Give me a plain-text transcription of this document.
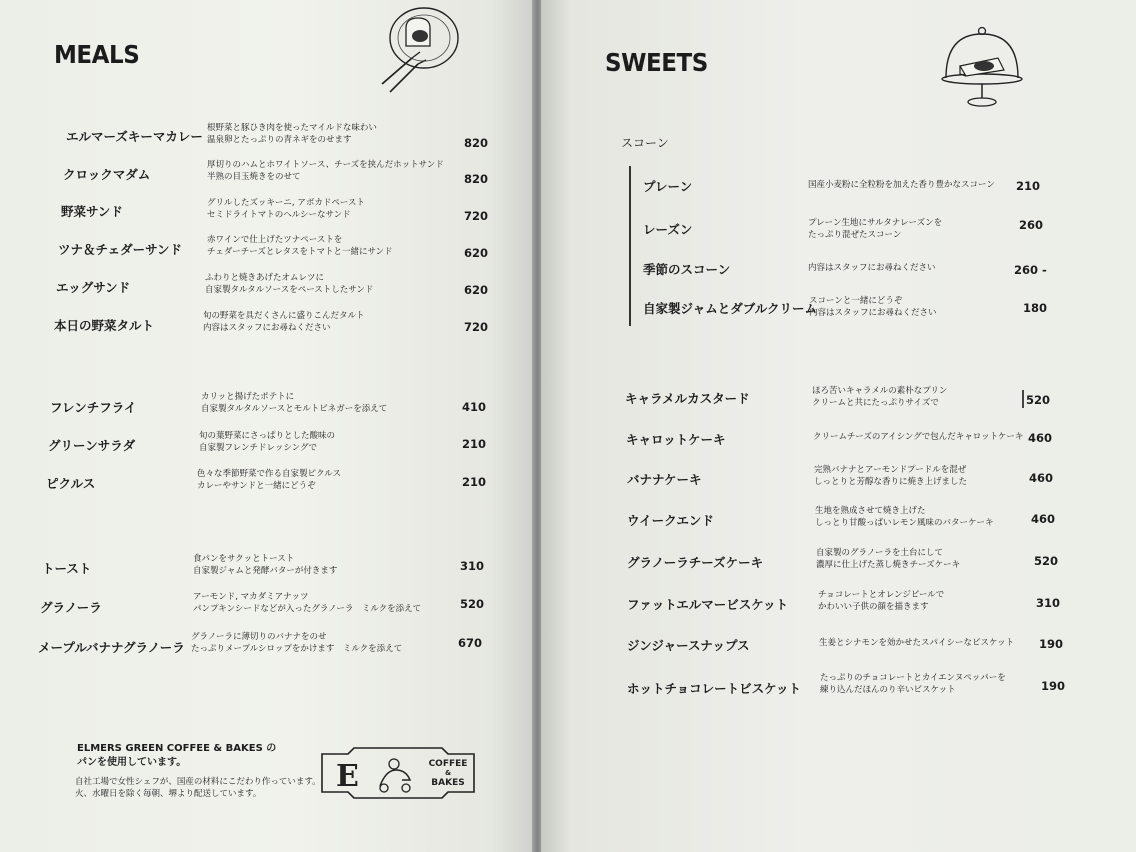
MEALS
エルマーズキーマカレー
根野菜と豚ひき肉を使ったマイルドな味わい
温泉卵とたっぷりの青ネギをのせます	820
クロックマダム
厚切りのハムとホワイトソース、チーズを挟んだホットサンド
半熟の目玉焼きをのせて	820
野菜サンド
グリルしたズッキーニ, アボカドペースト
セミドライトマトのヘルシーなサンド	720
ツナ＆チェダーサンド
赤ワインで仕上げたツナペーストを
チェダーチーズとレタスをトマトと一緒にサンド	620
エッグサンド
ふわりと焼きあげたオムレツに
自家製タルタルソースをペーストしたサンド	620
本日の野菜タルト
旬の野菜を具だくさんに盛りこんだタルト
内容はスタッフにお尋ねください	720
フレンチフライ
カリッと揚げたポテトに
自家製タルタルソースとモルトビネガーを添えて	410
グリーンサラダ
旬の葉野菜にさっぱりとした酸味の
自家製フレンチドレッシングで	210
ピクルス
色々な季節野菜で作る自家製ピクルス
カレーやサンドと一緒にどうぞ	210
トースト
食パンをサクッとトースト
自家製ジャムと発酵バターが付きます	310
グラノーラ
アーモンド, マカダミアナッツ
パンプキンシードなどが入ったグラノーラ　ミルクを添えて	520
メープルバナナグラノーラ
グラノーラに薄切りのバナナをのせ
たっぷりメープルシロップをかけます　ミルクを添えて	670
ELMERS GREEN COFFEE & BAKES の
パンを使用しています。
自社工場で女性シェフが、国産の材料にこだわり作っています。
火、水曜日を除く毎朝、堺より配送しています。	E	COFFEE
&
BAKES
SWEETS
スコーン
プレーン	国産小麦粉に全粒粉を加えた香り豊かなスコーン 210
レーズン	プレーン生地にサルタナレーズンを
たっぷり混ぜたスコーン
260
季節のスコーン	内容はスタッフにお尋ねください	260 -
自家製ジャムとダブルクリーム
スコーンと一緒にどうぞ
内容はスタッフにお尋ねください	180
キャラメルカスタード	ほろ苦いキャラメルの素朴なプリン
クリームと共にたっぷりサイズで	520
キャロットケーキ	クリームチーズのアイシングで包んだキャロットケーキ 460
バナナケーキ
完熟バナナとアーモンドプードルを混ぜ
しっとりと芳醇な香りに焼き上げました	460
ウイークエンド
生地を熟成させて焼き上げた
しっとり甘酸っぱいレモン風味のバターケーキ	460
グラノーラチーズケーキ
自家製のグラノーラを土台にして
濃厚に仕上げた蒸し焼きチーズケーキ	520
ファットエルマービスケット
チョコレートとオレンジピールで
かわいい子供の顔を描きます	310
ジンジャースナップス	生姜とシナモンを効かせたスパイシーなビスケット 190
ホットチョコレートビスケット
たっぷりのチョコレートとカイエンヌペッパーを
練り込んだほんのり辛いビスケット	190
